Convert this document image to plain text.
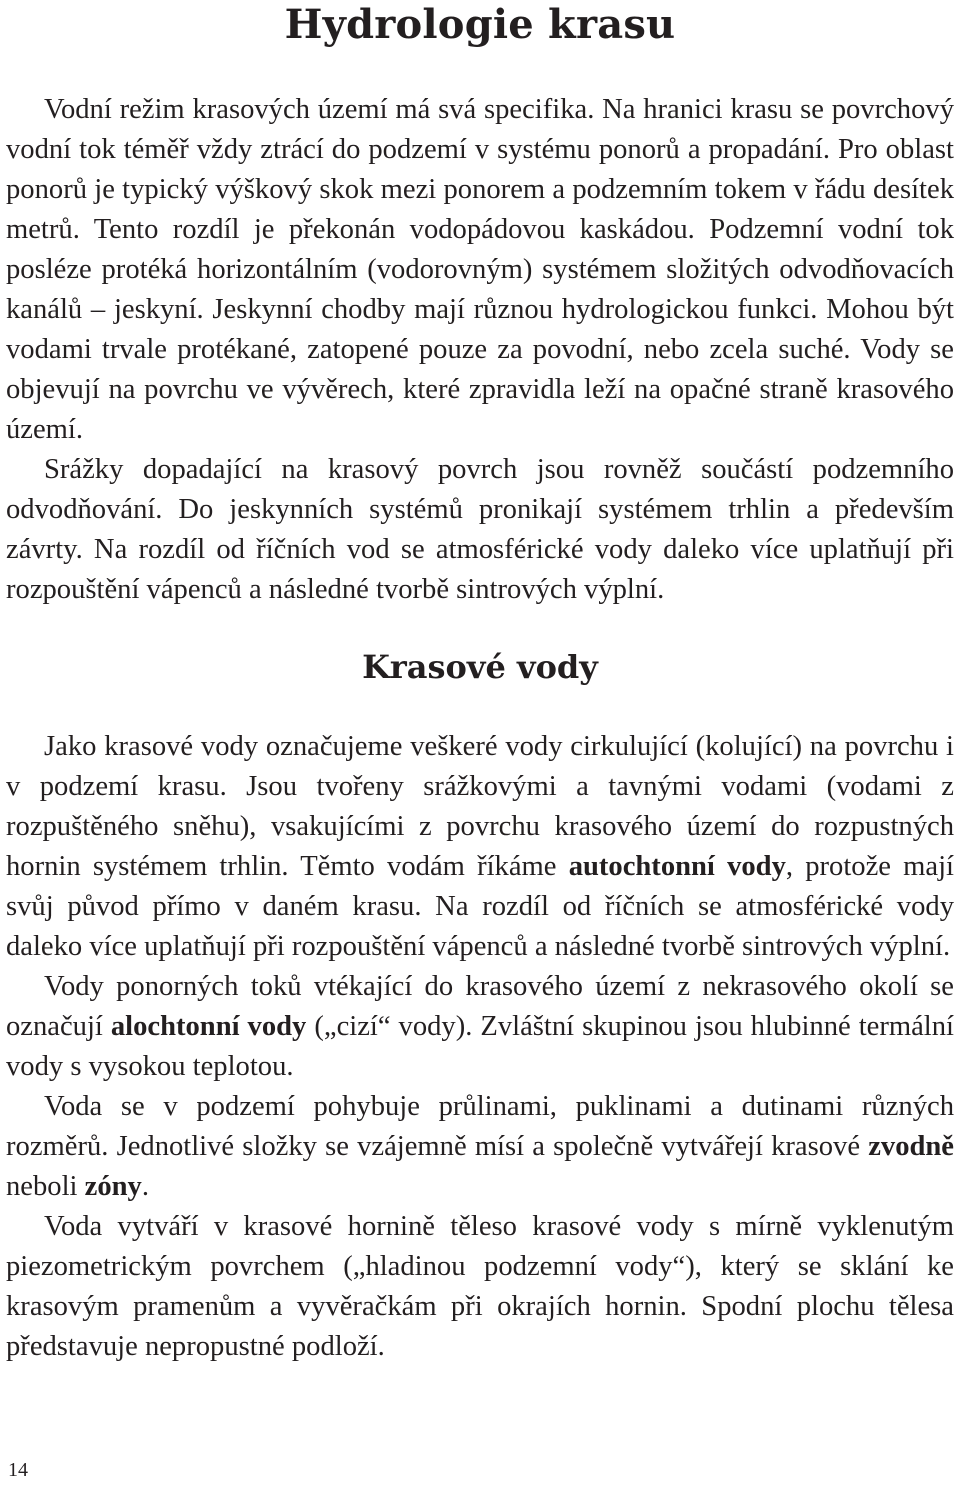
Hydrologie krasu

Vodní režim krasových území má svá specifika. Na hranici krasu se povrchový vodní tok téměř vždy ztrácí do podzemí v systému ponorů a propadání. Pro oblast ponorů je typický výškový skok mezi ponorem a podzemním tokem v řádu desítek metrů. Tento rozdíl je překonán vodopádovou kaskádou. Podzemní vodní tok posléze protéká horizontálním (vodorovným) systémem složitých odvodňovacích kanálů – jeskyní. Jeskynní chodby mají různou hydrologickou funkci. Mohou být vodami trvale protékané, zatopené pouze za povodní, nebo zcela suché. Vody se objevují na povrchu ve vývěrech, které zpravidla leží na opačné straně krasového území.

Srážky dopadající na krasový povrch jsou rovněž součástí podzemního odvodňování. Do jeskynních systémů pronikají systémem trhlin a především závrty. Na rozdíl od říčních vod se atmosférické vody daleko více uplatňují při rozpouštění vápenců a následné tvorbě sintrových výplní.

Krasové vody

Jako krasové vody označujeme veškeré vody cirkulující (kolující) na povrchu i v podzemí krasu. Jsou tvořeny srážkovými a tavnými vodami (vodami z rozpuštěného sněhu), vsakujícími z povrchu krasového území do rozpustných hornin systémem trhlin. Těmto vodám říkáme autochtonní vody, protože mají svůj původ přímo v daném krasu. Na rozdíl od říčních se atmosférické vody daleko více uplatňují při rozpouštění vápenců a následné tvorbě sintrových výplní.

Vody ponorných toků vtékající do krasového území z nekrasového okolí se označují alochtonní vody („cizí“ vody). Zvláštní skupinou jsou hlubinné termální vody s vysokou teplotou.

Voda se v podzemí pohybuje průlinami, puklinami a dutinami různých rozměrů. Jednotlivé složky se vzájemně mísí a společně vytvářejí krasové zvodně neboli zóny.

Voda vytváří v krasové hornině těleso krasové vody s mírně vyklenutým piezometrickým povrchem („hladinou podzemní vody“), který se sklání ke krasovým pramenům a vyvěračkám při okrajích hornin. Spodní plochu tělesa představuje nepropustné podloží.

14
